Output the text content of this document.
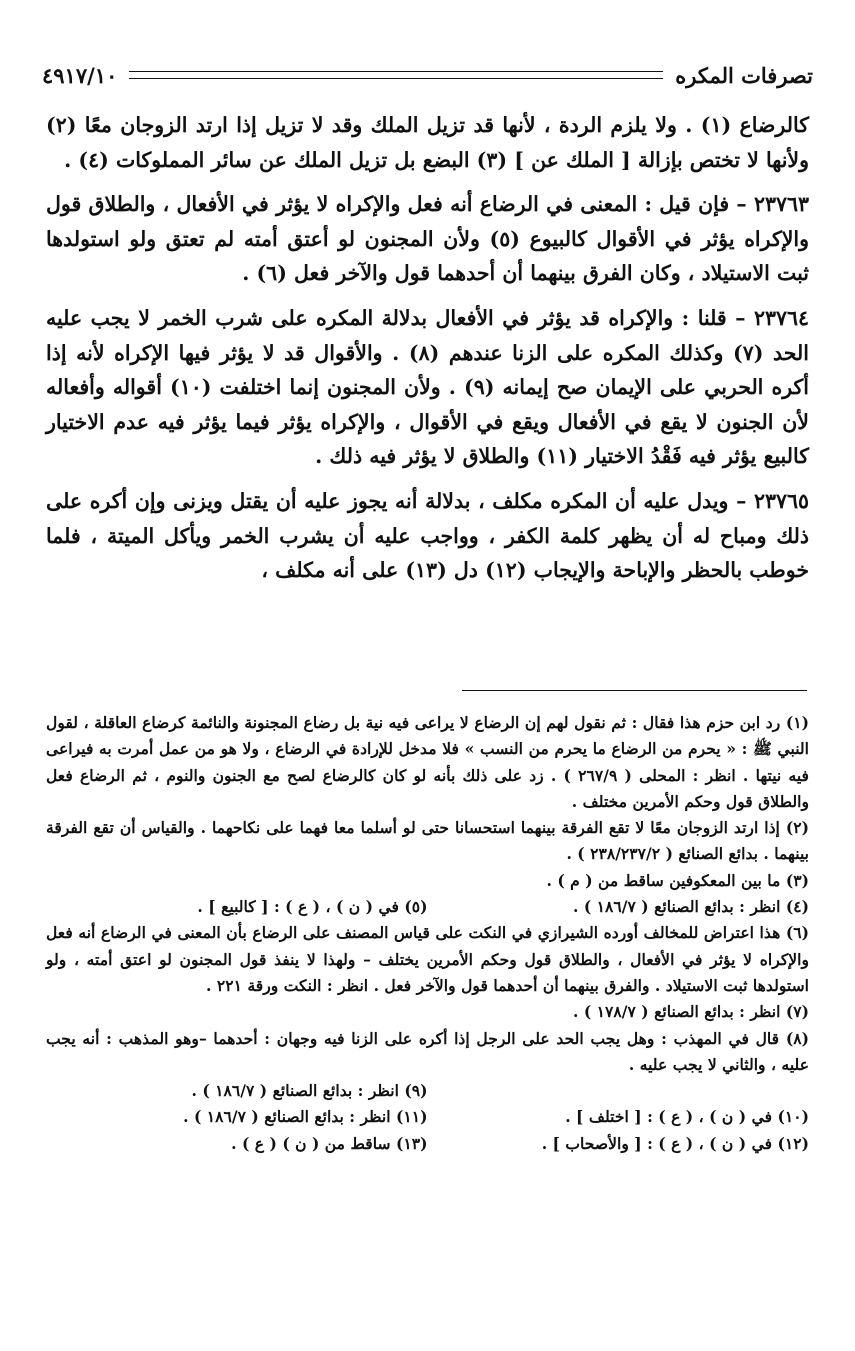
تصرفات المكره
٤٩١٧/١٠

كالرضاع (١) . ولا يلزم الردة ، لأنها قد تزيل الملك وقد لا تزيل إذا ارتد الزوجان معًا (٢) ولأنها لا تختص بإزالة [ الملك عن ] (٣) البضع بل تزيل الملك عن سائر المملوكات (٤) .

٢٣٧٦٣ – فإن قيل : المعنى في الرضاع أنه فعل والإكراه لا يؤثر في الأفعال ، والطلاق قول والإكراه يؤثر في الأقوال كالبيوع (٥) ولأن المجنون لو أعتق أمته لم تعتق ولو استولدها ثبت الاستيلاد ، وكان الفرق بينهما أن أحدهما قول والآخر فعل (٦) .

٢٣٧٦٤ – قلنا : والإكراه قد يؤثر في الأفعال بدلالة المكره على شرب الخمر لا يجب عليه الحد (٧) وكذلك المكره على الزنا عندهم (٨) . والأقوال قد لا يؤثر فيها الإكراه لأنه إذا أكره الحربي على الإيمان صح إيمانه (٩) . ولأن المجنون إنما اختلفت (١٠) أقواله وأفعاله لأن الجنون لا يقع في الأفعال ويقع في الأقوال ، والإكراه يؤثر فيما يؤثر فيه عدم الاختيار كالبيع يؤثر فيه فَقْدُ الاختيار (١١) والطلاق لا يؤثر فيه ذلك .

٢٣٧٦٥ – ويدل عليه أن المكره مكلف ، بدلالة أنه يجوز عليه أن يقتل ويزنى وإن أكره على ذلك ومباح له أن يظهر كلمة الكفر ، وواجب عليه أن يشرب الخمر ويأكل الميتة ، فلما خوطب بالحظر والإباحة والإيجاب (١٢) دل (١٣) على أنه مكلف ،

(١) رد ابن حزم هذا فقال : ثم نقول لهم إن الرضاع لا يراعى فيه نية بل رضاع المجنونة والنائمة كرضاع العاقلة ، لقول النبي ﷺ : « يحرم من الرضاع ما يحرم من النسب » فلا مدخل للإرادة في الرضاع ، ولا هو من عمل أمرت به فيراعى فيه نيتها . انظر : المحلى ( ٢٦٧/٩ ) . زد على ذلك بأنه لو كان كالرضاع لصح مع الجنون والنوم ، ثم الرضاع فعل والطلاق قول وحكم الأمرين مختلف .

(٢) إذا ارتد الزوجان معًا لا تقع الفرقة بينهما استحسانا حتى لو أسلما معا فهما على نكاحهما . والقياس أن تقع الفرقة بينهما . بدائع الصنائع ( ٢٣٨/٢٣٧/٢ ) .

(٣) ما بين المعكوفين ساقط من ( م ) .

(٤) انظر : بدائع الصنائع ( ١٨٦/٧ ) .
(٥) في ( ن ) ، ( ع ) : [ كالبيع ] .

(٦) هذا اعتراض للمخالف أورده الشيرازي في النكت على قياس المصنف على الرضاع بأن المعنى في الرضاع أنه فعل والإكراه لا يؤثر في الأفعال ، والطلاق قول وحكم الأمرين يختلف – ولهذا لا ينفذ قول المجنون لو اعتق أمته ، ولو استولدها ثبت الاستيلاد . والفرق بينهما أن أحدهما قول والآخر فعل . انظر : النكت ورقة ٢٢١ .

(٧) انظر : بدائع الصنائع ( ١٧٨/٧ ) .

(٨) قال في المهذب : وهل يجب الحد على الرجل إذا أكره على الزنا فيه وجهان : أحدهما –وهو المذهب : أنه يجب عليه ، والثاني لا يجب عليه .

(٩) انظر : بدائع الصنائع ( ١٨٦/٧ ) .
(١٠) في ( ن ) ، ( ع ) : [ اختلف ] .
(١١) انظر : بدائع الصنائع ( ١٨٦/٧ ) .
(١٢) في ( ن ) ، ( ع ) : [ والأصحاب ] .
(١٣) ساقط من ( ن ) ( ع ) .
